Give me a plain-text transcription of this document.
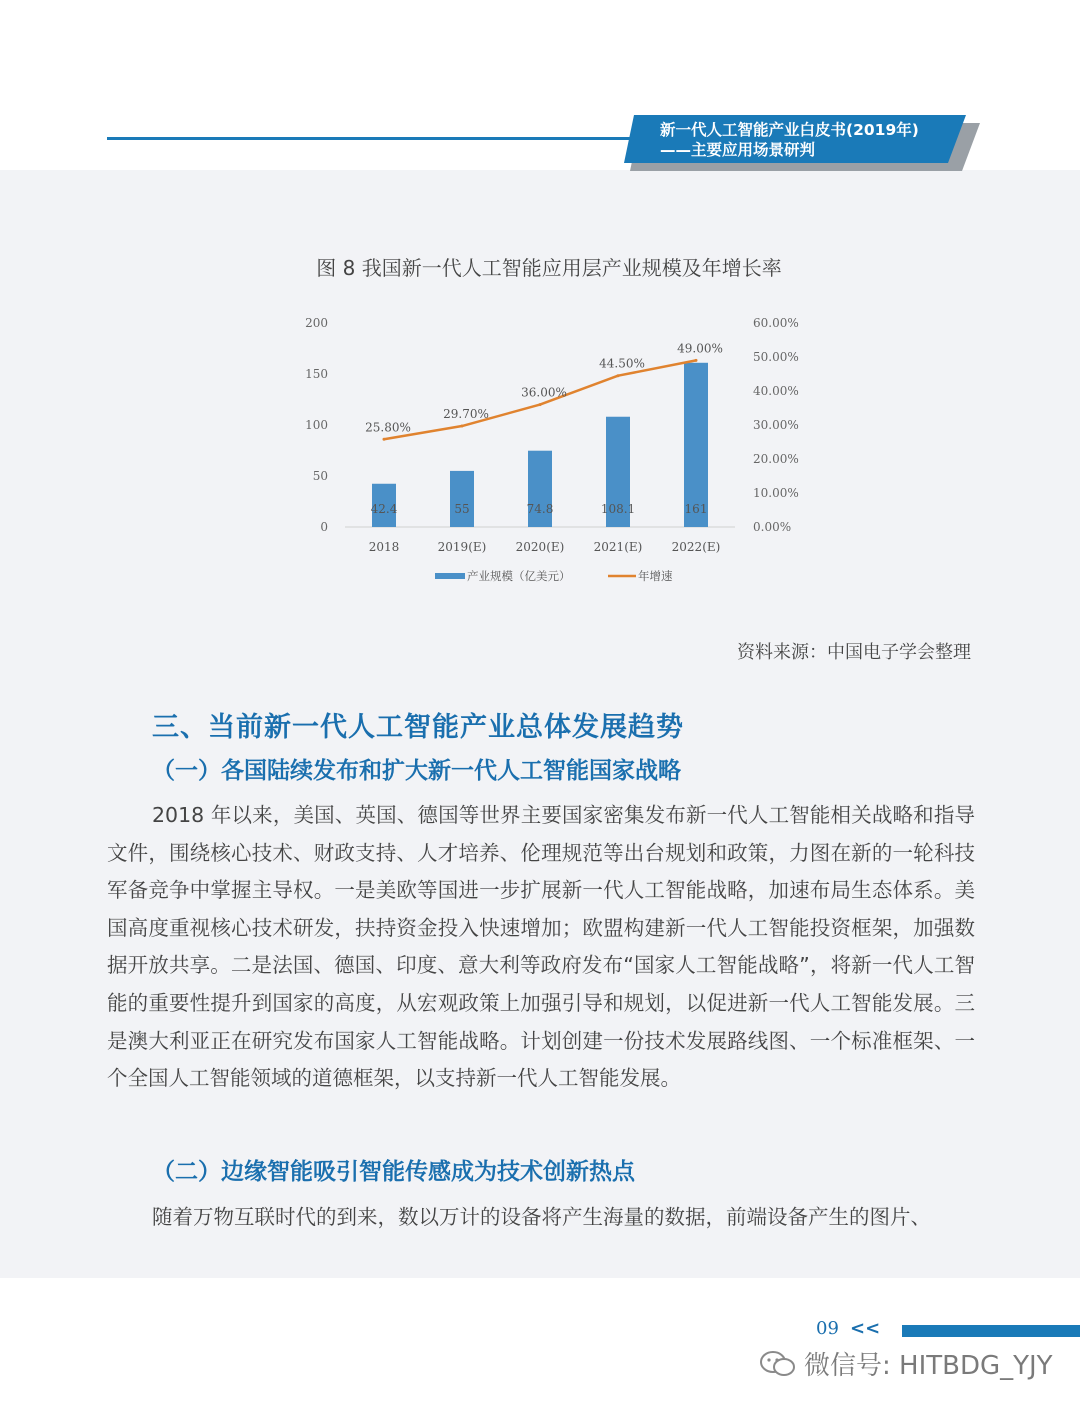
新一代人工智能产业白皮书(2019年)
——主要应用场景研判
图 8 我国新一代人工智能应用层产业规模及年增长率
0
50
100
150
200
0.00%
10.00%
20.00%
30.00%
40.00%
50.00%
60.00%
42.4	55	74.8	108.1	161
2018	2019(E) 2020(E) 2021(E) 2022(E)
25.80%
29.70%
36.00%
44.50%
49.00%
产业规模（亿美元）	年增速
资料来源：中国电子学会整理
三、当前新一代人工智能产业总体发展趋势
（一）各国陆续发布和扩大新一代人工智能国家战略

2018 年以来，美国、英国、德国等世界主要国家密集发布新一代人工智能相关战略和指导文件，围绕核心技术、财政支持、人才培养、伦理规范等出台规划和政策，力图在新的一轮科技军备竞争中掌握主导权。一是美欧等国进一步扩展新一代人工智能战略，加速布局生态体系。美国高度重视核心技术研发，扶持资金投入快速增加；欧盟构建新一代人工智能投资框架，加强数据开放共享。二是法国、德国、印度、意大利等政府发布“国家人工智能战略”，将新一代人工智能的重要性提升到国家的高度，从宏观政策上加强引导和规划，以促进新一代人工智能发展。三是澳大利亚正在研究发布国家人工智能战略。计划创建一份技术发展路线图、一个标准框架、一个全国人工智能领域的道德框架，以支持新一代人工智能发展。

（二）边缘智能吸引智能传感成为技术创新热点
随着万物互联时代的到来，数以万计的设备将产生海量的数据，前端设备产生的图片、
09 <<
微信号: HITBDG_YJY
